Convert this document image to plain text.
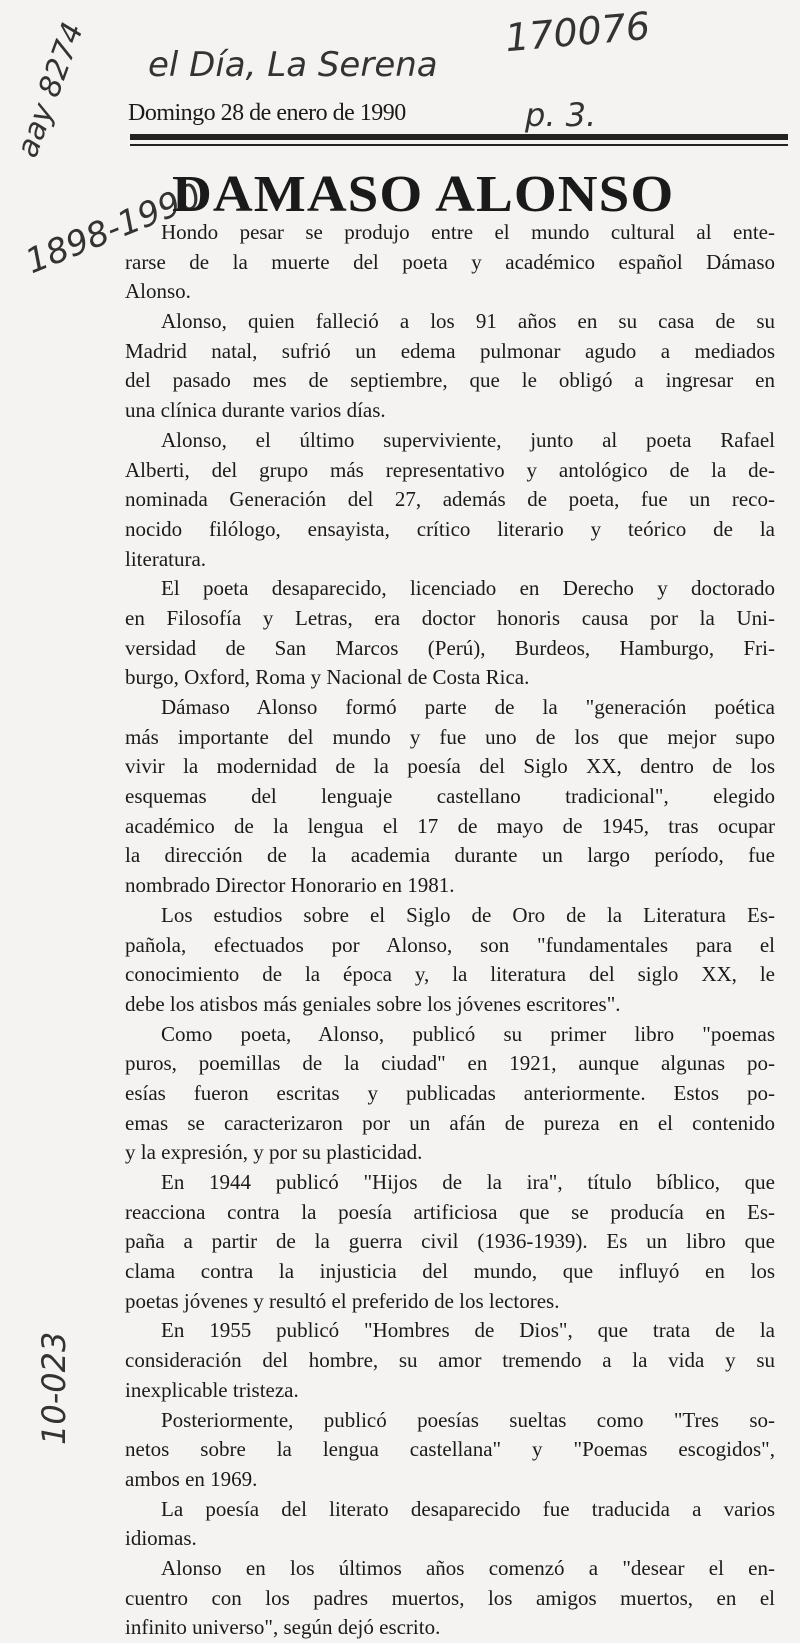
170076
el Día, La Serena
aay 8274
1898-1990
p. 3.
10-023
Domingo 28 de enero de 1990
DAMASO ALONSO
Hondo pesar se produjo entre el mundo cultural al ente-
rarse de la muerte del poeta y académico español Dámaso
Alonso.
Alonso, quien falleció a los 91 años en su casa de su
Madrid natal, sufrió un edema pulmonar agudo a mediados
del pasado mes de septiembre, que le obligó a ingresar en
una clínica durante varios días.
Alonso, el último superviviente, junto al poeta Rafael
Alberti, del grupo más representativo y antológico de la de-
nominada Generación del 27, además de poeta, fue un reco-
nocido filólogo, ensayista, crítico literario y teórico de la
literatura.
El poeta desaparecido, licenciado en Derecho y doctorado
en Filosofía y Letras, era doctor honoris causa por la Uni-
versidad de San Marcos (Perú), Burdeos, Hamburgo, Fri-
burgo, Oxford, Roma y Nacional de Costa Rica.
Dámaso Alonso formó parte de la "generación poética
más importante del mundo y fue uno de los que mejor supo
vivir la modernidad de la poesía del Siglo XX, dentro de los
esquemas del lenguaje castellano tradicional", elegido
académico de la lengua el 17 de mayo de 1945, tras ocupar
la dirección de la academia durante un largo período, fue
nombrado Director Honorario en 1981.
Los estudios sobre el Siglo de Oro de la Literatura Es-
pañola, efectuados por Alonso, son "fundamentales para el
conocimiento de la época y, la literatura del siglo XX, le
debe los atisbos más geniales sobre los jóvenes escritores".
Como poeta, Alonso, publicó su primer libro "poemas
puros, poemillas de la ciudad" en 1921, aunque algunas po-
esías fueron escritas y publicadas anteriormente. Estos po-
emas se caracterizaron por un afán de pureza en el contenido
y la expresión, y por su plasticidad.
En 1944 publicó "Hijos de la ira", título bíblico, que
reacciona contra la poesía artificiosa que se producía en Es-
paña a partir de la guerra civil (1936-1939). Es un libro que
clama contra la injusticia del mundo, que influyó en los
poetas jóvenes y resultó el preferido de los lectores.
En 1955 publicó "Hombres de Dios", que trata de la
consideración del hombre, su amor tremendo a la vida y su
inexplicable tristeza.
Posteriormente, publicó poesías sueltas como "Tres so-
netos sobre la lengua castellana" y "Poemas escogidos",
ambos en 1969.
La poesía del literato desaparecido fue traducida a varios
idiomas.
Alonso en los últimos años comenzó a "desear el en-
cuentro con los padres muertos, los amigos muertos, en el
infinito universo", según dejó escrito.
